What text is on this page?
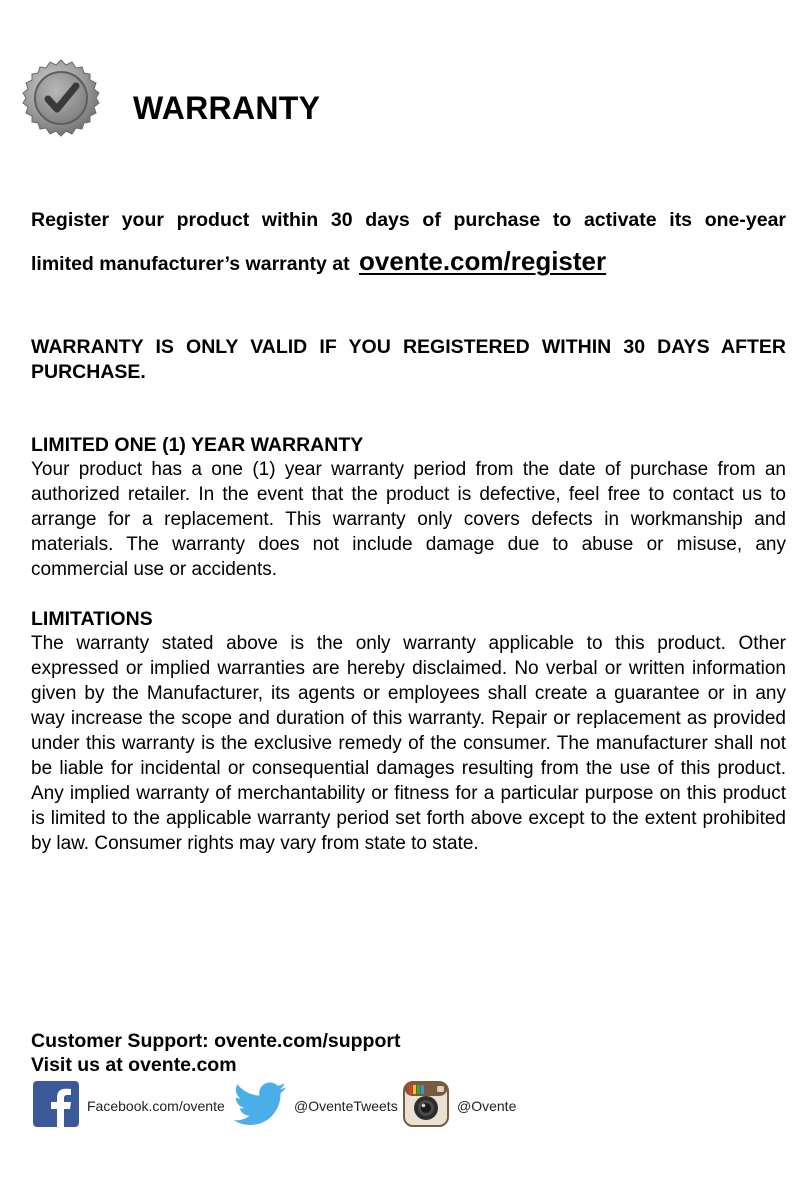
WARRANTY
Register your product within 30 days of purchase to activate its one-year
limited manufacturer’s warranty at ovente.com/register
WARRANTY IS ONLY VALID IF YOU REGISTERED WITHIN 30 DAYS AFTER PURCHASE.
LIMITED ONE (1) YEAR WARRANTY
Your product has a one (1) year warranty period from the date of purchase from an authorized retailer. In the event that the product is defective, feel free to contact us to arrange for a replacement. This warranty only covers defects in workmanship and materials. The warranty does not include damage due to abuse or misuse, any commercial use or accidents.
LIMITATIONS
The warranty stated above is the only warranty applicable to this product. Other expressed or implied warranties are hereby disclaimed. No verbal or written information given by the Manufacturer, its agents or employees shall create a guarantee or in any way increase the scope and duration of this warranty. Repair or replacement as provided under this warranty is the exclusive remedy of the consumer. The manufacturer shall not be liable for incidental or consequential damages resulting from the use of this product. Any implied warranty of merchantability or fitness for a particular purpose on this product is limited to the applicable warranty period set forth above except to the extent prohibited by law. Consumer rights may vary from state to state.
Customer Support: ovente.com/support
Visit us at ovente.com
Facebook.com/ovente	@OventeTweets	@Ovente
